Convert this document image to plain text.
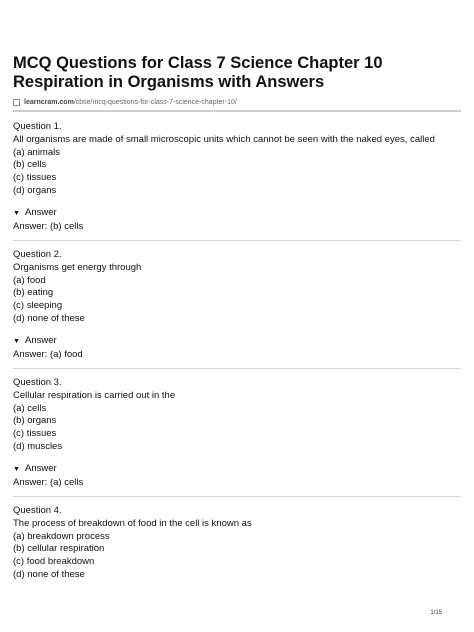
MCQ Questions for Class 7 Science Chapter 10 Respiration in Organisms with Answers
learncram.com/cbse/mcq-questions-for-class-7-science-chapter-10/
Question 1.
All organisms are made of small microscopic units which cannot be seen with the naked eyes, called
(a) animals
(b) cells
(c) tissues
(d) organs
▼ Answer
Answer: (b) cells
Question 2.
Organisms get energy through
(a) food
(b) eating
(c) sleeping
(d) none of these
▼ Answer
Answer: (a) food
Question 3.
Cellular respiration is carried out in the
(a) cells
(b) organs
(c) tissues
(d) muscles
▼ Answer
Answer: (a) cells
Question 4.
The process of breakdown of food in the cell is known as
(a) breakdown process
(b) cellular respiration
(c) food breakdown
(d) none of these
1/15
